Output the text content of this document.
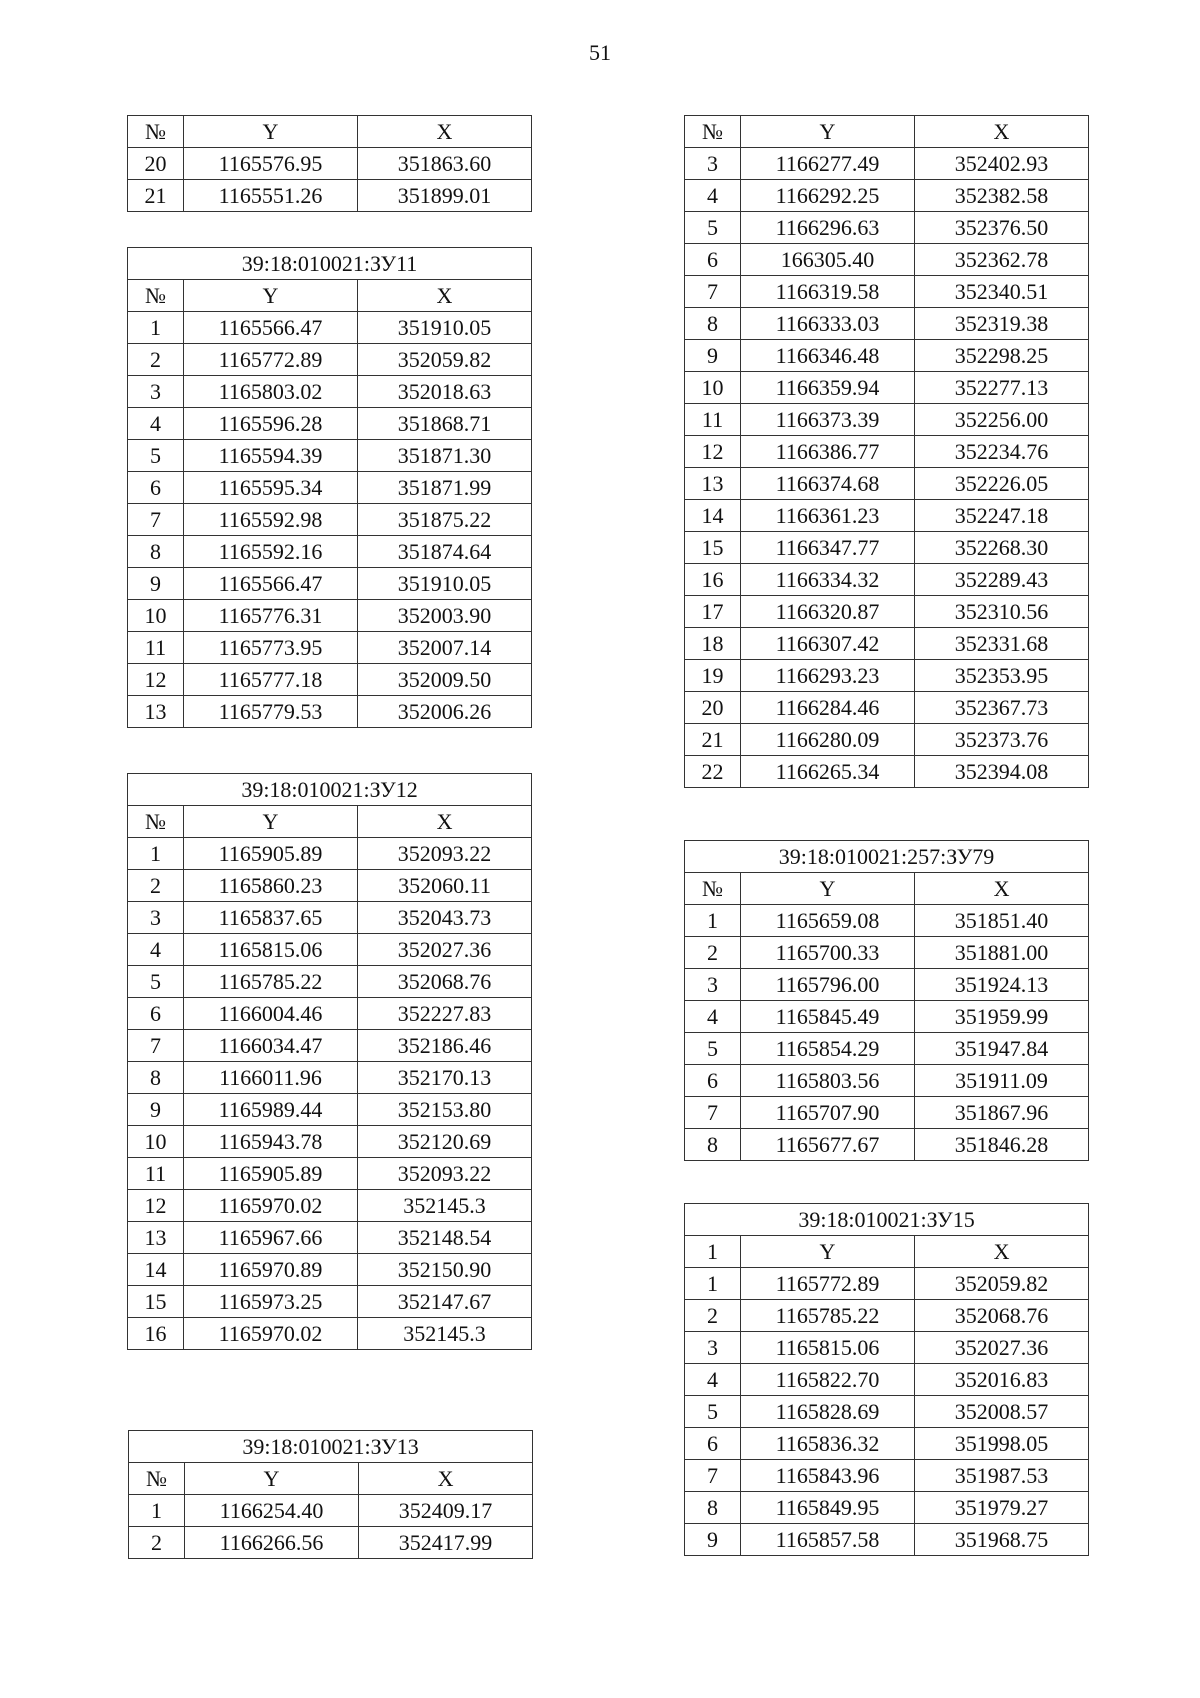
51
№	Y	X
20	1165576.95	351863.60
21	1165551.26	351899.01
39:18:010021:ЗУ11		
№	Y	X
1	1165566.47	351910.05
2	1165772.89	352059.82
3	1165803.02	352018.63
4	1165596.28	351868.71
5	1165594.39	351871.30
6	1165595.34	351871.99
7	1165592.98	351875.22
8	1165592.16	351874.64
9	1165566.47	351910.05
10	1165776.31	352003.90
11	1165773.95	352007.14
12	1165777.18	352009.50
13	1165779.53	352006.26
39:18:010021:ЗУ12		
№	Y	X
1	1165905.89	352093.22
2	1165860.23	352060.11
3	1165837.65	352043.73
4	1165815.06	352027.36
5	1165785.22	352068.76
6	1166004.46	352227.83
7	1166034.47	352186.46
8	1166011.96	352170.13
9	1165989.44	352153.80
10	1165943.78	352120.69
11	1165905.89	352093.22
12	1165970.02	352145.3
13	1165967.66	352148.54
14	1165970.89	352150.90
15	1165973.25	352147.67
16	1165970.02	352145.3
39:18:010021:ЗУ13		
№	Y	X
1	1166254.40	352409.17
2	1166266.56	352417.99
№	Y	X
3	1166277.49	352402.93
4	1166292.25	352382.58
5	1166296.63	352376.50
6	166305.40	352362.78
7	1166319.58	352340.51
8	1166333.03	352319.38
9	1166346.48	352298.25
10	1166359.94	352277.13
11	1166373.39	352256.00
12	1166386.77	352234.76
13	1166374.68	352226.05
14	1166361.23	352247.18
15	1166347.77	352268.30
16	1166334.32	352289.43
17	1166320.87	352310.56
18	1166307.42	352331.68
19	1166293.23	352353.95
20	1166284.46	352367.73
21	1166280.09	352373.76
22	1166265.34	352394.08
39:18:010021:257:ЗУ79		
№	Y	X
1	1165659.08	351851.40
2	1165700.33	351881.00
3	1165796.00	351924.13
4	1165845.49	351959.99
5	1165854.29	351947.84
6	1165803.56	351911.09
7	1165707.90	351867.96
8	1165677.67	351846.28
39:18:010021:ЗУ15		
1	Y	X
1	1165772.89	352059.82
2	1165785.22	352068.76
3	1165815.06	352027.36
4	1165822.70	352016.83
5	1165828.69	352008.57
6	1165836.32	351998.05
7	1165843.96	351987.53
8	1165849.95	351979.27
9	1165857.58	351968.75
